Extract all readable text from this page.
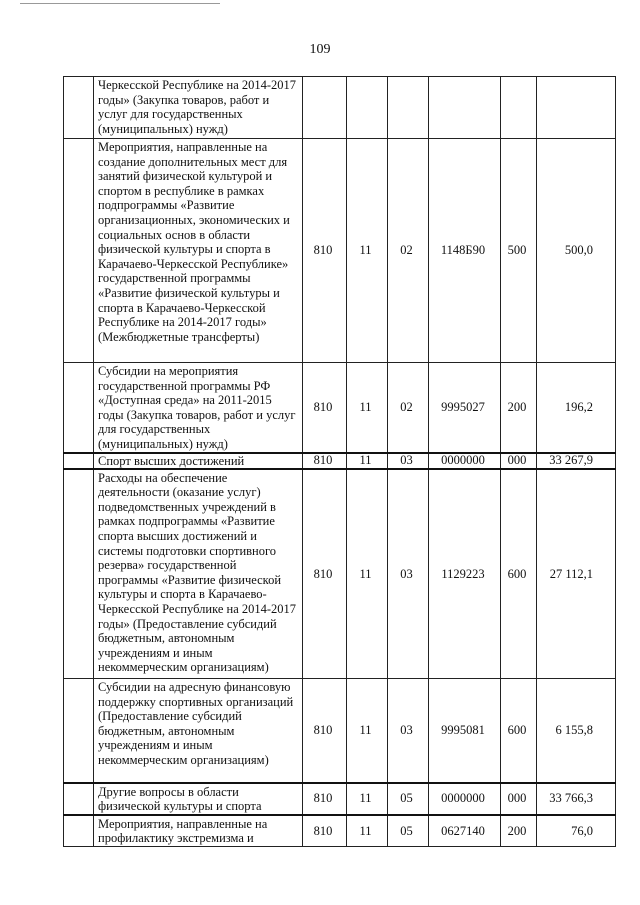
109
	Черкесской Республике на 2014-2017 годы» (Закупка товаров, работ и услуг для государственных (муниципальных) нужд)						
	Мероприятия, направленные на создание дополнительных мест для занятий физической культурой и спортом в республике в рамках подпрограммы «Развитие организационных, экономических и социальных основ в области физической культуры и спорта в Карачаево-Черкесской Республике» государственной программы «Развитие физической культуры и спорта в Карачаево-Черкесской Республике на 2014-2017 годы» (Межбюджетные трансферты)	810	11	02	1148Б90	500	500,0
	Субсидии на мероприятия государственной программы РФ «Доступная среда» на 2011-2015 годы (Закупка товаров, работ и услуг для государственных (муниципальных) нужд)	810	11	02	9995027	200	196,2
	Спорт высших достижений	810	11	03	0000000	000	33 267,9
	Расходы на обеспечение деятельности (оказание услуг) подведомственных учреждений в рамках подпрограммы «Развитие спорта высших достижений и системы подготовки спортивного резерва» государственной программы «Развитие физической культуры и спорта в Карачаево-Черкесской Республике на 2014-2017 годы» (Предоставление субсидий бюджетным, автономным учреждениям и иным некоммерческим организациям)	810	11	03	1129223	600	27 112,1
	Субсидии на адресную финансовую поддержку спортивных организаций (Предоставление субсидий бюджетным, автономным учреждениям и иным некоммерческим организациям)	810	11	03	9995081	600	6 155,8
	Другие вопросы в области физической культуры и спорта	810	11	05	0000000	000	33 766,3
	Мероприятия, направленные на профилактику экстремизма и	810	11	05	0627140	200	76,0
